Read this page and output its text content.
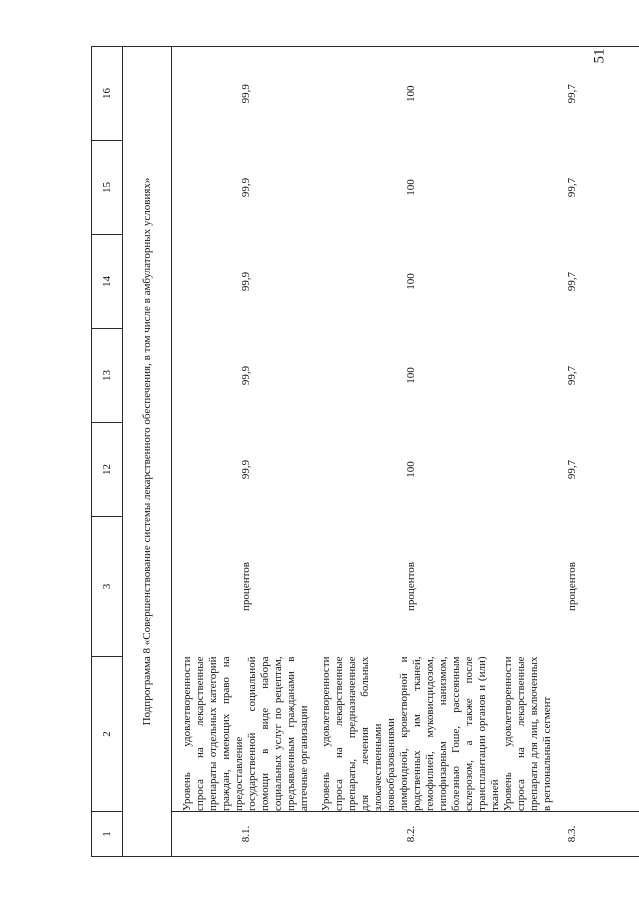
51
1	2	3	12	13	14	15	16
Подпрограмма 8 «Совершенствование системы лекарственного обеспечения, в том числе в амбулаторных условиях»							
8.1.	Уровень удовлетворенности спроса на лекарственные препараты отдельных категорий граждан, имеющих право на предоставление государственной социальной помощи в виде набора социальных услуг по рецептам, предъявленным гражданами в аптечные организации	процентов	99,9	99,9	99,9	99,9	99,9
8.2.	Уровень удовлетворенности спроса на лекарственные препараты, предназначенные для лечения больных злокачественными новообразованиями лимфоидной, кроветворной и родственных им тканей, гемофилией, муковисцидозом, гипофизарным нанизмом, болезнью Гоше, рассеянным склерозом, а также после трансплантации органов и (или) тканей	процентов	100	100	100	100	100
8.3.	Уровень удовлетворенности спроса на лекарственные препараты для лиц, включенных в региональный сегмент	процентов	99,7	99,7	99,7	99,7	99,7
